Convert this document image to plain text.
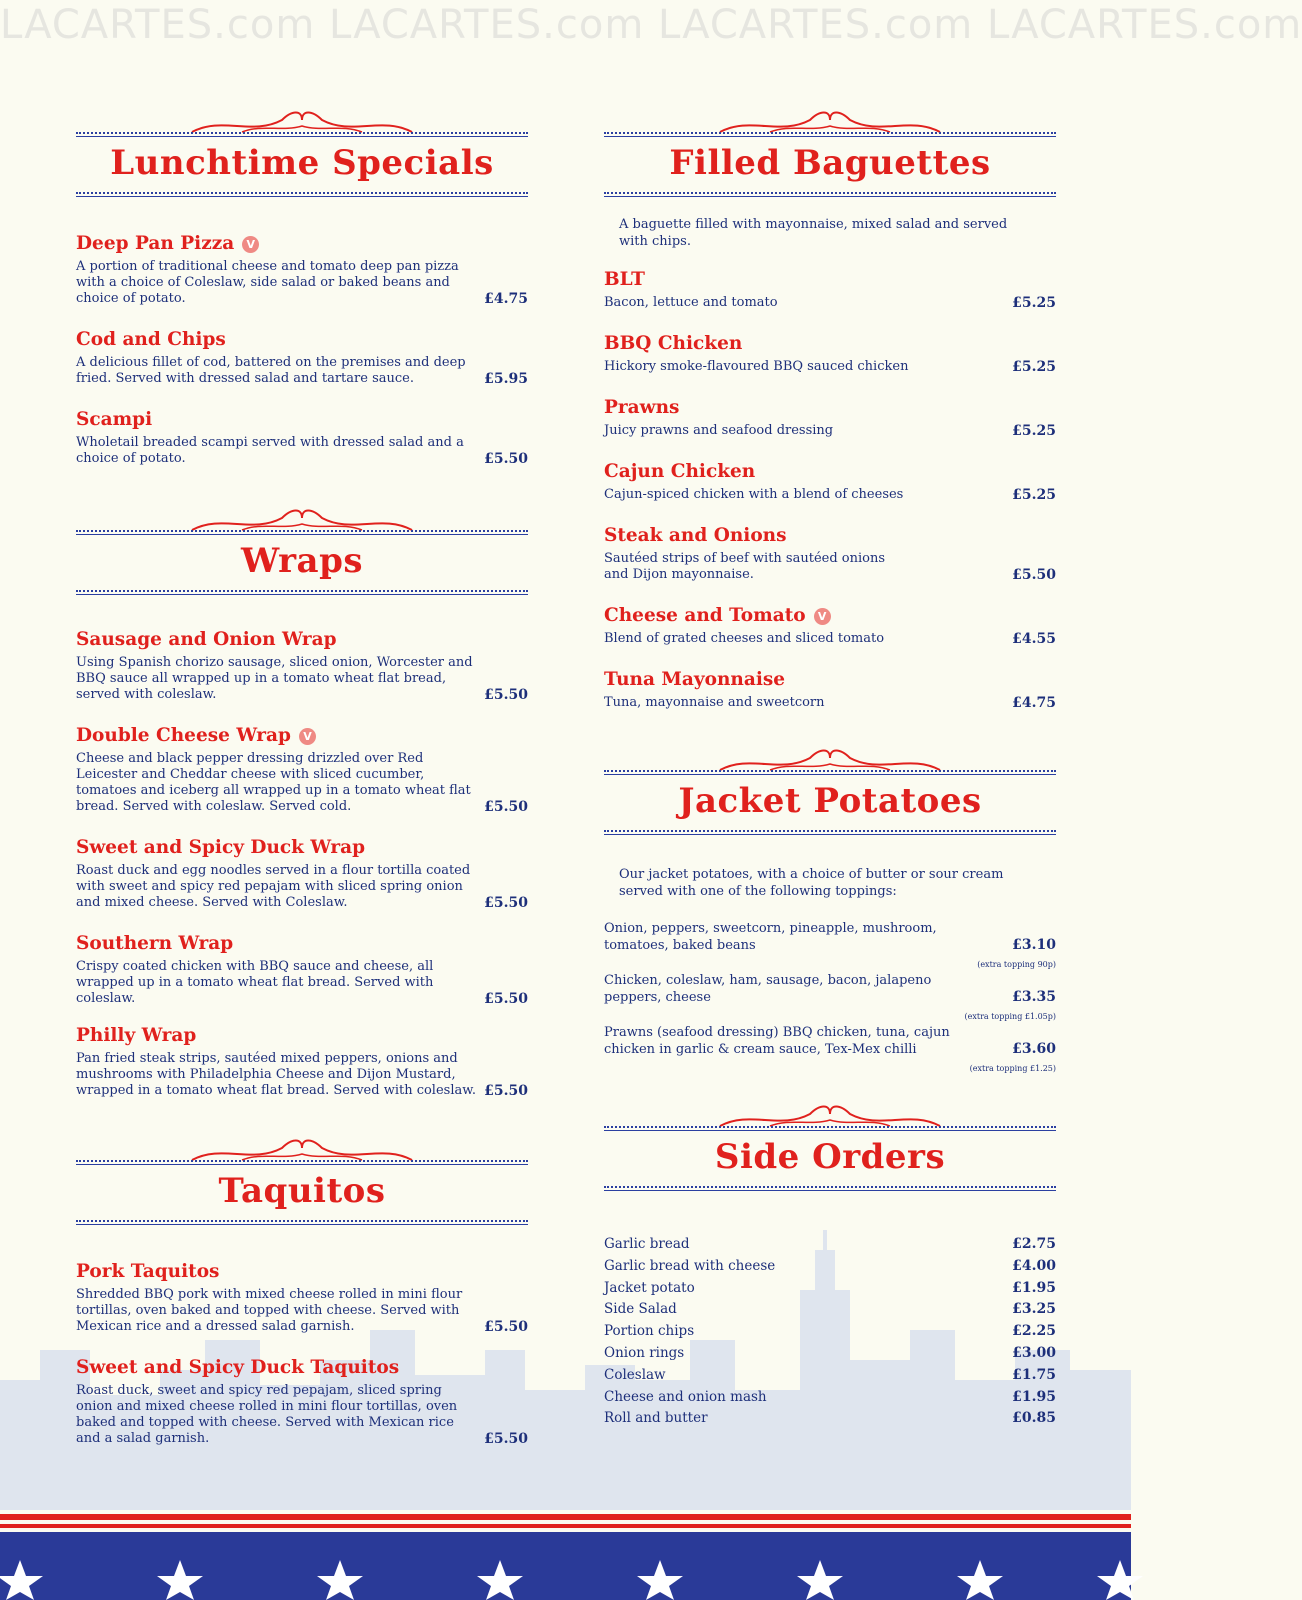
LACARTES.com LACARTES.com LACARTES.com LACARTES.com
Lunchtime Specials
Deep Pan Pizza	V
A portion of traditional cheese and tomato deep pan pizza with a choice of Coleslaw, side salad or baked beans and choice of potato.	£4.75
Cod and Chips
A delicious fillet of cod, battered on the premises and deep fried. Served with dressed salad and tartare sauce.	£5.95
Scampi
Wholetail breaded scampi served with dressed salad and a choice of potato.	£5.50
Wraps
Sausage and Onion Wrap
Using Spanish chorizo sausage, sliced onion, Worcester and BBQ sauce all wrapped up in a tomato wheat flat bread, served with coleslaw.	£5.50
Double Cheese Wrap	V
Cheese and black pepper dressing drizzled over Red Leicester and Cheddar cheese with sliced cucumber, tomatoes and iceberg all wrapped up in a tomato wheat flat bread. Served with coleslaw. Served cold.	£5.50
Sweet and Spicy Duck Wrap
Roast duck and egg noodles served in a flour tortilla coated with sweet and spicy red pepajam with sliced spring onion and mixed cheese. Served with Coleslaw.	£5.50
Southern Wrap
Crispy coated chicken with BBQ sauce and cheese, all wrapped up in a tomato wheat flat bread. Served with coleslaw.	£5.50
Philly Wrap
Pan fried steak strips, sautéed mixed peppers, onions and mushrooms with Philadelphia Cheese and Dijon Mustard, wrapped in a tomato wheat flat bread. Served with coleslaw. £5.50
Taquitos
Pork Taquitos
Shredded BBQ pork with mixed cheese rolled in mini flour tortillas, oven baked and topped with cheese. Served with Mexican rice and a dressed salad garnish.	£5.50
Sweet and Spicy Duck Taquitos
Roast duck, sweet and spicy red pepajam, sliced spring onion and mixed cheese rolled in mini flour tortillas, oven baked and topped with cheese. Served with Mexican rice and a salad garnish.	£5.50
Filled Baguettes
A baguette filled with mayonnaise, mixed salad and served with chips.
BLT
Bacon, lettuce and tomato	£5.25
BBQ Chicken
Hickory smoke-flavoured BBQ sauced chicken	£5.25
Prawns
Juicy prawns and seafood dressing	£5.25
Cajun Chicken
Cajun-spiced chicken with a blend of cheeses	£5.25
Steak and Onions
Sautéed strips of beef with sautéed onions and Dijon mayonnaise.	£5.50
Cheese and Tomato	V
Blend of grated cheeses and sliced tomato	£4.55
Tuna Mayonnaise
Tuna, mayonnaise and sweetcorn	£4.75
Jacket Potatoes
Our jacket potatoes, with a choice of butter or sour cream served with one of the following toppings:
Onion, peppers, sweetcorn, pineapple, mushroom, tomatoes, baked beans	£3.10
(extra topping 90p)
Chicken, coleslaw, ham, sausage, bacon, jalapeno peppers, cheese	£3.35
(extra topping £1.05p)
Prawns (seafood dressing) BBQ chicken, tuna, cajun chicken in garlic & cream sauce, Tex-Mex chilli	£3.60
(extra topping £1.25)
Side Orders
Garlic bread	£2.75
Garlic bread with cheese	£4.00
Jacket potato	£1.95
Side Salad	£3.25
Portion chips	£2.25
Onion rings	£3.00
Coleslaw	£1.75
Cheese and onion mash	£1.95
Roll and butter	£0.85
